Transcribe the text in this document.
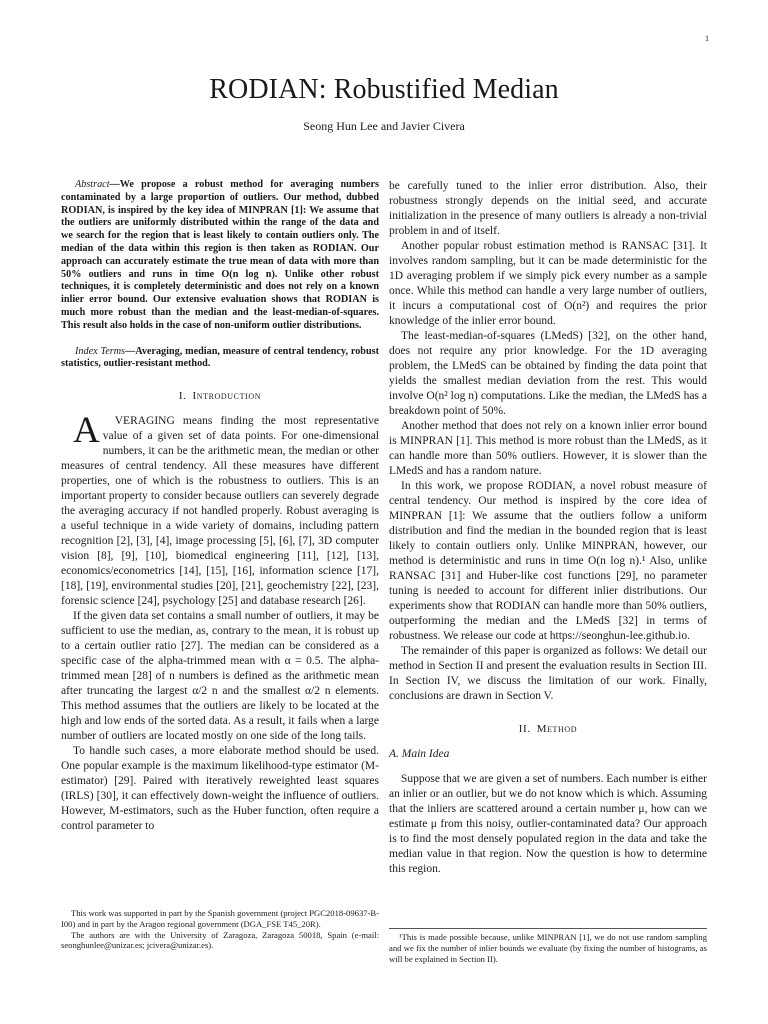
1
RODIAN: Robustified Median
Seong Hun Lee and Javier Civera

Abstract—We propose a robust method for averaging numbers contaminated by a large proportion of outliers. Our method, dubbed RODIAN, is inspired by the key idea of MINPRAN [1]: We assume that the outliers are uniformly distributed within the range of the data and we search for the region that is least likely to contain outliers only. The median of the data within this region is then taken as RODIAN. Our approach can accurately estimate the true mean of data with more than 50% outliers and runs in time O(n log n). Unlike other robust techniques, it is completely deterministic and does not rely on a known inlier error bound. Our extensive evaluation shows that RODIAN is much more robust than the median and the least-median-of-squares. This result also holds in the case of non-uniform outlier distributions.

Index Terms—Averaging, median, measure of central tendency, robust statistics, outlier-resistant method.

I. Introduction

A VERAGING means finding the most representative value of a given set of data points. For one-dimensional numbers, it can be the arithmetic mean, the median or other measures of central tendency. All these measures have different properties, one of which is the robustness to outliers. This is an important property to consider because outliers can severely degrade the averaging accuracy if not handled properly. Robust averaging is a useful technique in a wide variety of domains, including pattern recognition [2], [3], [4], image processing [5], [6], [7], 3D computer vision [8], [9], [10], biomedical engineering [11], [12], [13], economics/econometrics [14], [15], [16], information science [17], [18], [19], environmental studies [20], [21], geochemistry [22], [23], forensic science [24], psychology [25] and database research [26].

If the given data set contains a small number of outliers, it may be sufficient to use the median, as, contrary to the mean, it is robust up to a certain outlier ratio [27]. The median can be considered as a specific case of the alpha-trimmed mean with α = 0.5. The alpha-trimmed mean [28] of n numbers is defined as the arithmetic mean after truncating the largest α/2 n and the smallest α/2 n elements. This method assumes that the outliers are likely to be located at the high and low ends of the sorted data. As a result, it fails when a large number of outliers are located mostly on one side of the long tails.

To handle such cases, a more elaborate method should be used. One popular example is the maximum likelihood-type estimator (M-estimator) [29]. Paired with iteratively reweighted least squares (IRLS) [30], it can effectively down-weight the influence of outliers. However, M-estimators, such as the Huber function, often require a control parameter to

This work was supported in part by the Spanish government (project PGC2018-09637-B-I00) and in part by the Aragon regional government (DGA_FSE T45_20R).

The authors are with the University of Zaragoza, Zaragoza 50018, Spain (e-mail: seonghunlee@unizar.es; jcivera@unizar.es).

be carefully tuned to the inlier error distribution. Also, their robustness strongly depends on the initial seed, and accurate initialization in the presence of many outliers is already a non-trivial problem in and of itself.

Another popular robust estimation method is RANSAC [31]. It involves random sampling, but it can be made deterministic for the 1D averaging problem if we simply pick every number as a sample once. While this method can handle a very large number of outliers, it incurs a computational cost of O(n²) and requires the prior knowledge of the inlier error bound.

The least-median-of-squares (LMedS) [32], on the other hand, does not require any prior knowledge. For the 1D averaging problem, the LMedS can be obtained by finding the data point that yields the smallest median deviation from the rest. This would involve O(n² log n) computations. Like the median, the LMedS has a breakdown point of 50%.

Another method that does not rely on a known inlier error bound is MINPRAN [1]. This method is more robust than the LMedS, as it can handle more than 50% outliers. However, it is slower than the LMedS and has a random nature.

In this work, we propose RODIAN, a novel robust measure of central tendency. Our method is inspired by the core idea of MINPRAN [1]: We assume that the outliers follow a uniform distribution and find the median in the bounded region that is least likely to contain outliers only. Unlike MINPRAN, however, our method is deterministic and runs in time O(n log n).¹ Also, unlike RANSAC [31] and Huber-like cost functions [29], no parameter tuning is needed to account for different inlier distributions. Our experiments show that RODIAN can handle more than 50% outliers, outperforming the median and the LMedS [32] in terms of robustness. We release our code at https://seonghun-lee.github.io.

The remainder of this paper is organized as follows: We detail our method in Section II and present the evaluation results in Section III. In Section IV, we discuss the limitation of our work. Finally, conclusions are drawn in Section V.

II. Method
A. Main Idea

Suppose that we are given a set of numbers. Each number is either an inlier or an outlier, but we do not know which is which. Assuming that the inliers are scattered around a certain number μ, how can we estimate μ from this noisy, outlier-contaminated data? Our approach is to find the most densely populated region in the data and take the median value in that region. Now the question is how to determine this region.

¹This is made possible because, unlike MINPRAN [1], we do not use random sampling and we fix the number of inlier bounds we evaluate (by fixing the number of histograms, as will be explained in Section II).
